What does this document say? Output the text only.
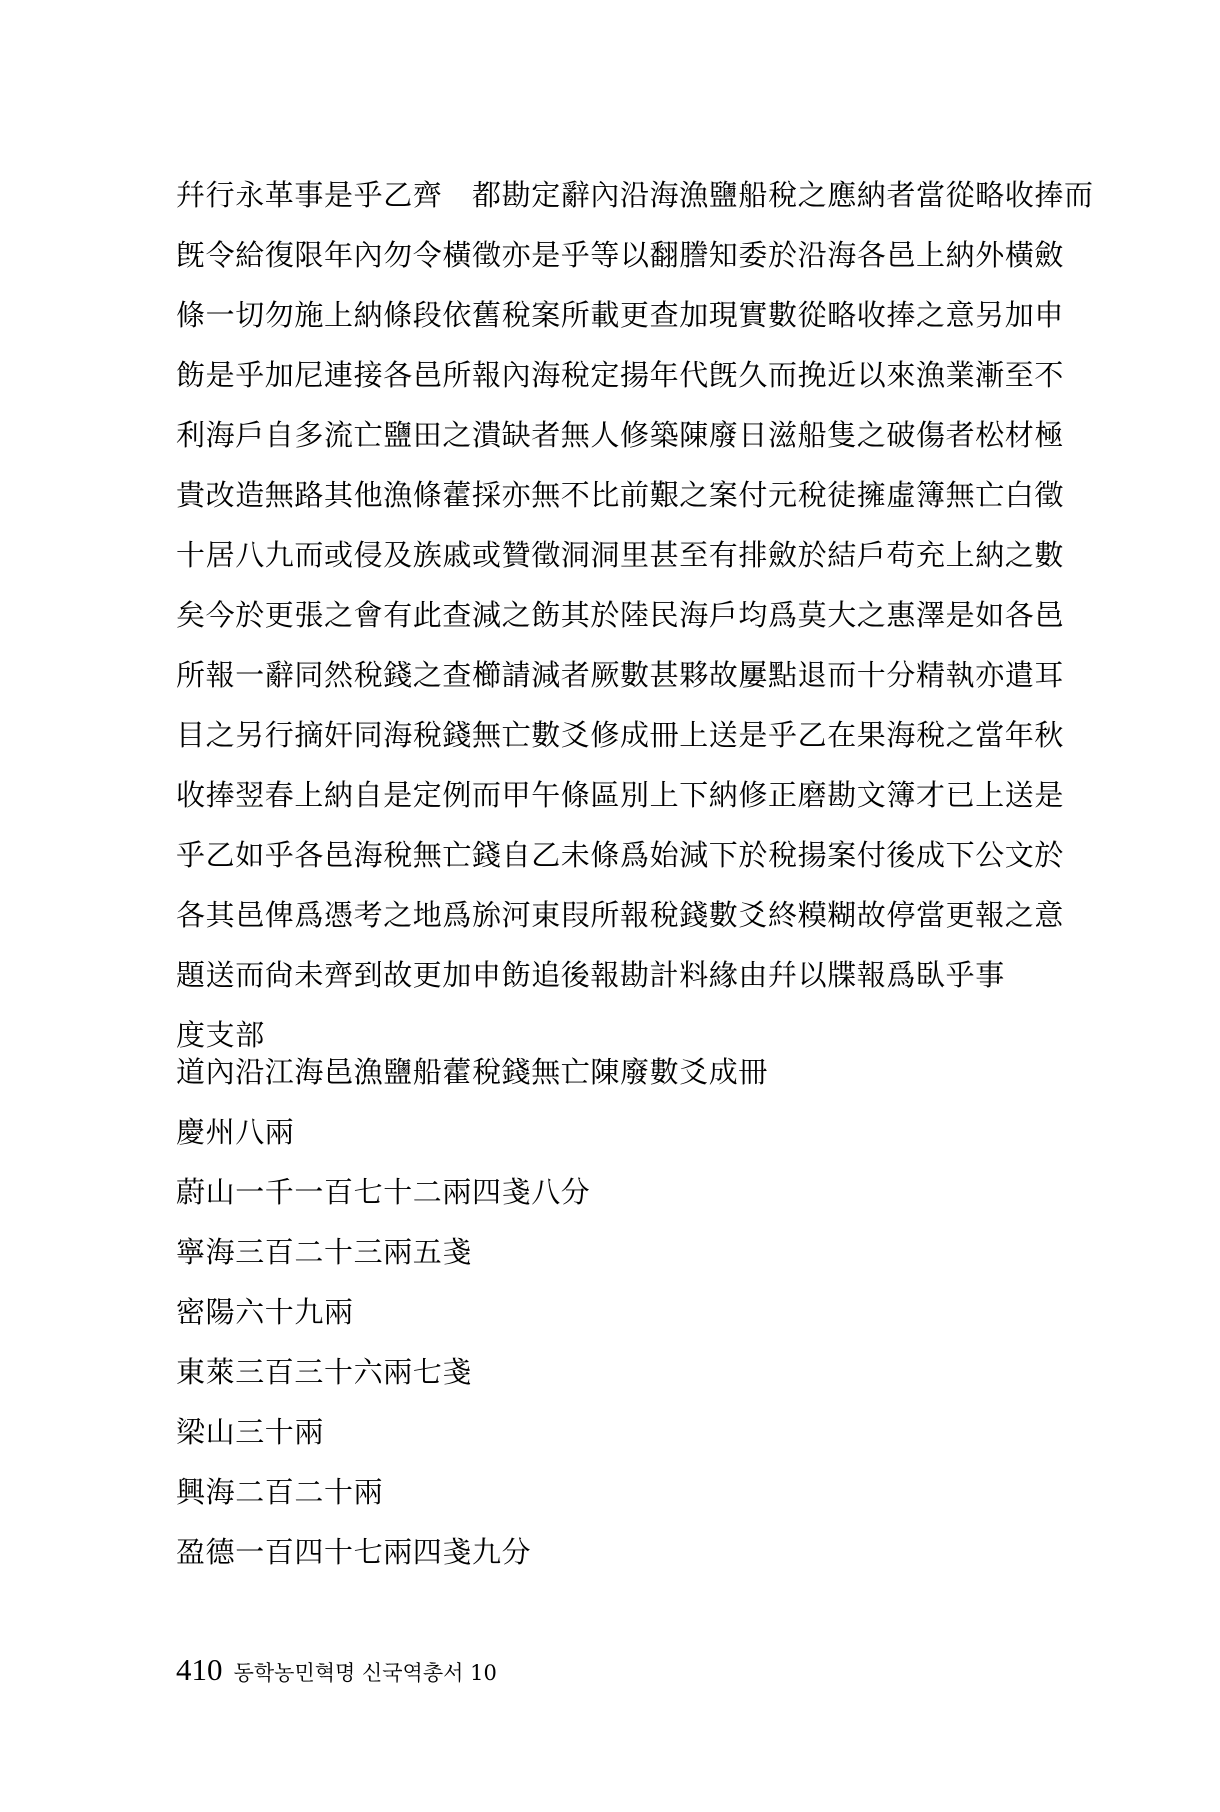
幷行永革事是乎乙齊　都勘定辭內沿海漁鹽船稅之應納者當從略收捧而
旣令給復限年內勿令橫徵亦是乎等以翻謄知委於沿海各邑上納外橫斂
條一切勿施上納條段依舊稅案所載更查加現實數從略收捧之意另加申
飭是乎加尼連接各邑所報內海稅定揚年代旣久而挽近以來漁業漸至不
利海戶自多流亡鹽田之潰缺者無人修築陳廢日滋船隻之破傷者松材極
貴改造無路其他漁條藿採亦無不比前艱之案付元稅徒擁虛簿無亡白徵
十居八九而或侵及族戚或贊徵洞洞里甚至有排斂於結戶苟充上納之數
矣今於更張之會有此查減之飭其於陸民海戶均爲莫大之惠澤是如各邑
所報一辭同然稅錢之查櫛請減者厥數甚夥故屢點退而十分精執亦遣耳
目之另行摘奸同海稅錢無亡數爻修成冊上送是乎乙在果海稅之當年秋
收捧翌春上納自是定例而甲午條區別上下納修正磨勘文簿才已上送是
乎乙如乎各邑海稅無亡錢自乙未條爲始減下於稅揚案付後成下公文於
各其邑俾爲憑考之地爲旀河東叚所報稅錢數爻終糢糊故停當更報之意
題送而尙未齊到故更加申飭追後報勘計料緣由幷以牒報爲臥乎事
度支部
道內沿江海邑漁鹽船藿稅錢無亡陳廢數爻成冊
慶州八兩
蔚山一千一百七十二兩四戔八分
寧海三百二十三兩五戔
密陽六十九兩
東萊三百三十六兩七戔
梁山三十兩
興海二百二十兩
盈德一百四十七兩四戔九分
410 동학농민혁명 신국역총서 10
